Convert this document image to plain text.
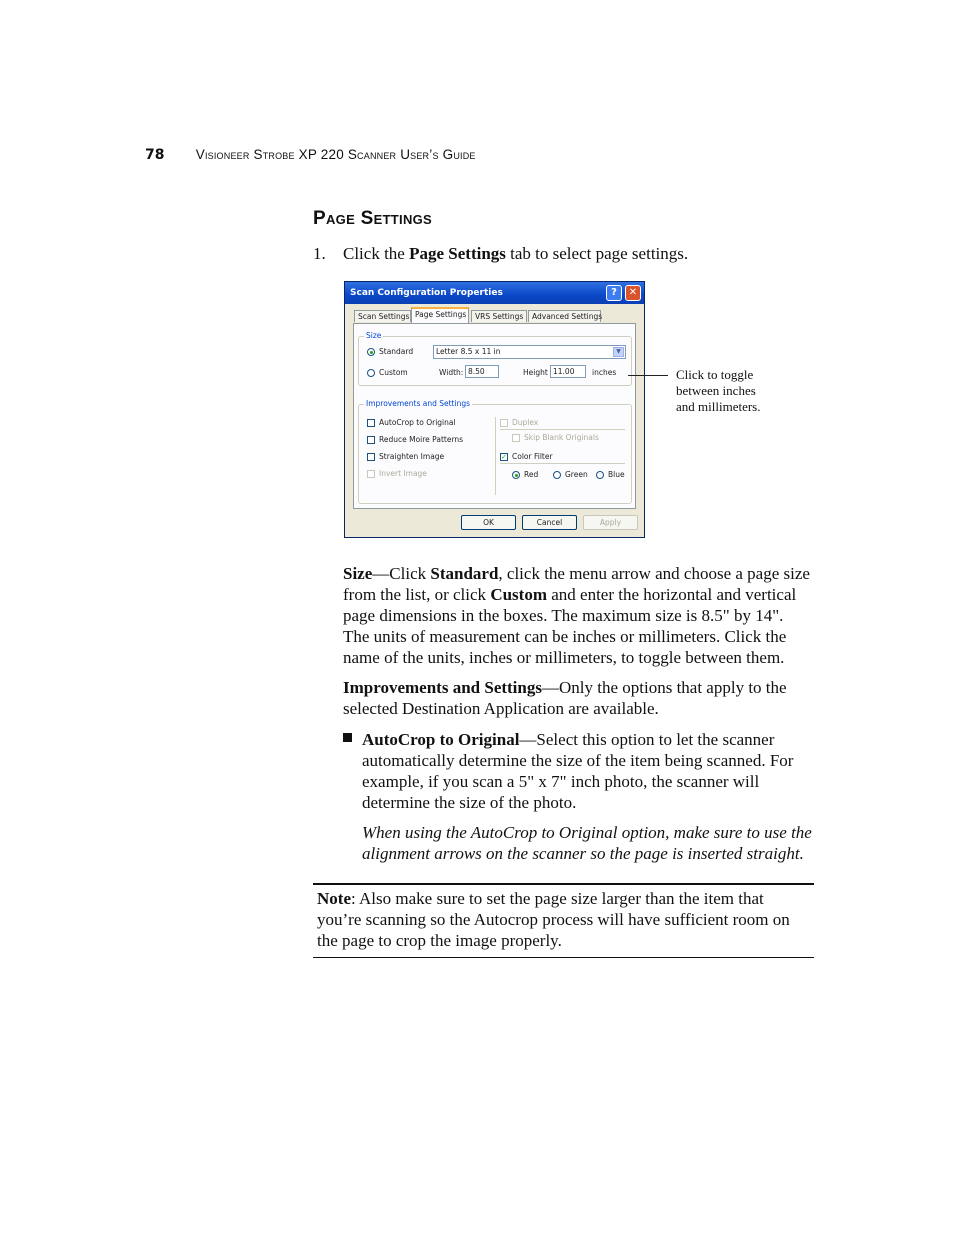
78 Visioneer Strobe XP 220 Scanner User’s Guide
Page Settings
1. Click the Page Settings tab to select page settings.
Scan Configuration Properties	?	✕
Scan Settings Page Settings	VRS Settings	Advanced Settings
Size
Standard	Letter 8.5 x 11 in	▼
Custom	Width: 8.50	Height 11.00	inches
Improvements and Settings
AutoCrop to Original
Reduce Moire Patterns
Straighten Image
Invert Image
Duplex
Skip Blank Originals
✓ Color Filter
Red	Green	Blue
OK	Cancel	Apply
Click to toggle
between inches
and millimeters.
Size—Click Standard, click the menu arrow and choose a page size from the list, or click Custom and enter the horizontal and vertical page dimensions in the boxes. The maximum size is 8.5" by 14". The units of measurement can be inches or millimeters. Click the name of the units, inches or millimeters, to toggle between them.
Improvements and Settings—Only the options that apply to the selected Destination Application are available.
AutoCrop to Original—Select this option to let the scanner automatically determine the size of the item being scanned. For example, if you scan a 5" x 7" inch photo, the scanner will determine the size of the photo.
When using the AutoCrop to Original option, make sure to use the alignment arrows on the scanner so the page is inserted straight.
Note: Also make sure to set the page size larger than the item that you’re scanning so the Autocrop process will have sufficient room on the page to crop the image properly.
